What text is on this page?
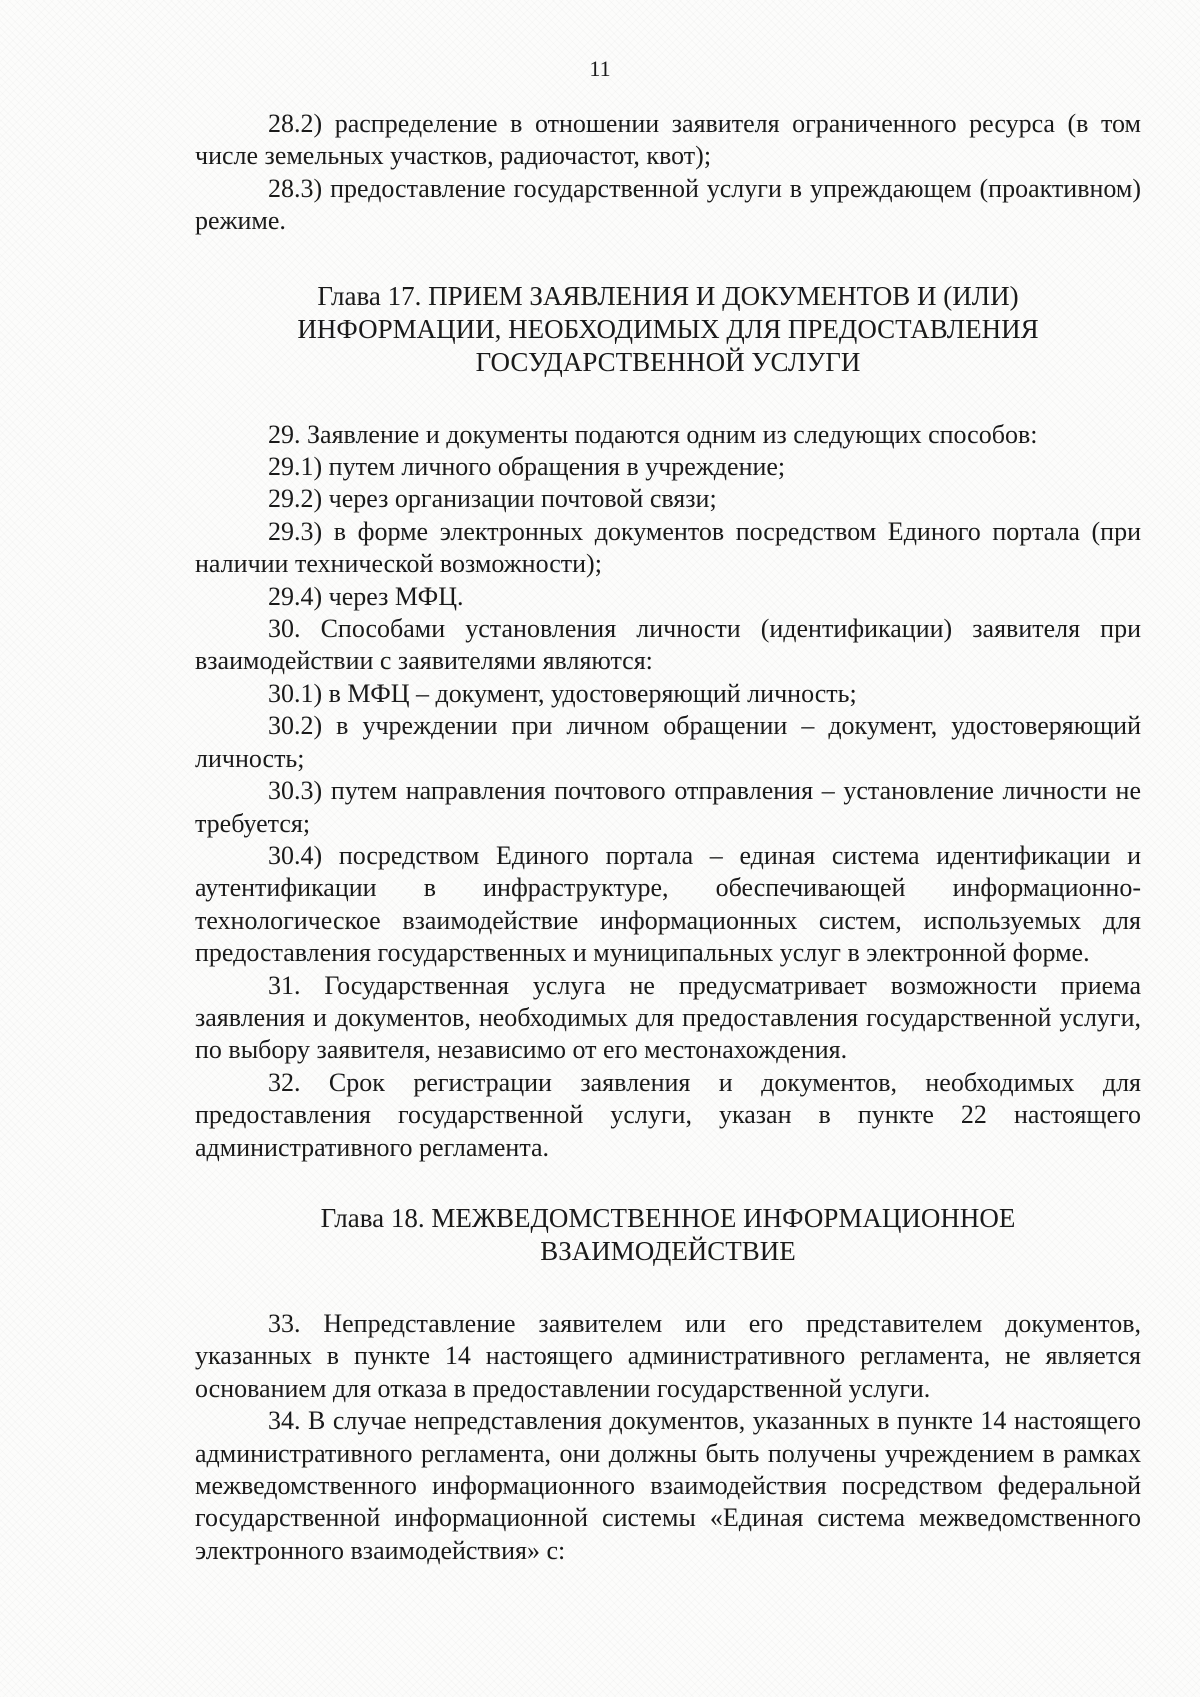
11

28.2) распределение в отношении заявителя ограниченного ресурса (в том числе земельных участков, радиочастот, квот);

28.3) предоставление государственной услуги в упреждающем (проактивном) режиме.

Глава 17. ПРИЕМ ЗАЯВЛЕНИЯ И ДОКУМЕНТОВ И (ИЛИ)
ИНФОРМАЦИИ, НЕОБХОДИМЫХ ДЛЯ ПРЕДОСТАВЛЕНИЯ
ГОСУДАРСТВЕННОЙ УСЛУГИ

29. Заявление и документы подаются одним из следующих способов:

29.1) путем личного обращения в учреждение;

29.2) через организации почтовой связи;

29.3) в форме электронных документов посредством Единого портала (при наличии технической возможности);

29.4) через МФЦ.

30. Способами установления личности (идентификации) заявителя при взаимодействии с заявителями являются:

30.1) в МФЦ – документ, удостоверяющий личность;

30.2) в учреждении при личном обращении – документ, удостоверяющий личность;

30.3) путем направления почтового отправления – установление личности не требуется;

30.4) посредством Единого портала – единая система идентификации и аутентификации в инфраструктуре, обеспечивающей информационно-технологическое взаимодействие информационных систем, используемых для предоставления государственных и муниципальных услуг в электронной форме.

31. Государственная услуга не предусматривает возможности приема заявления и документов, необходимых для предоставления государственной услуги, по выбору заявителя, независимо от его местонахождения.

32. Срок регистрации заявления и документов, необходимых для предоставления государственной услуги, указан в пункте 22 настоящего административного регламента.

Глава 18. МЕЖВЕДОМСТВЕННОЕ ИНФОРМАЦИОННОЕ
ВЗАИМОДЕЙСТВИЕ

33. Непредставление заявителем или его представителем документов, указанных в пункте 14 настоящего административного регламента, не является основанием для отказа в предоставлении государственной услуги.

34. В случае непредставления документов, указанных в пункте 14 настоящего административного регламента, они должны быть получены учреждением в рамках межведомственного информационного взаимодействия посредством федеральной государственной информационной системы «Единая система межведомственного электронного взаимодействия» с:
